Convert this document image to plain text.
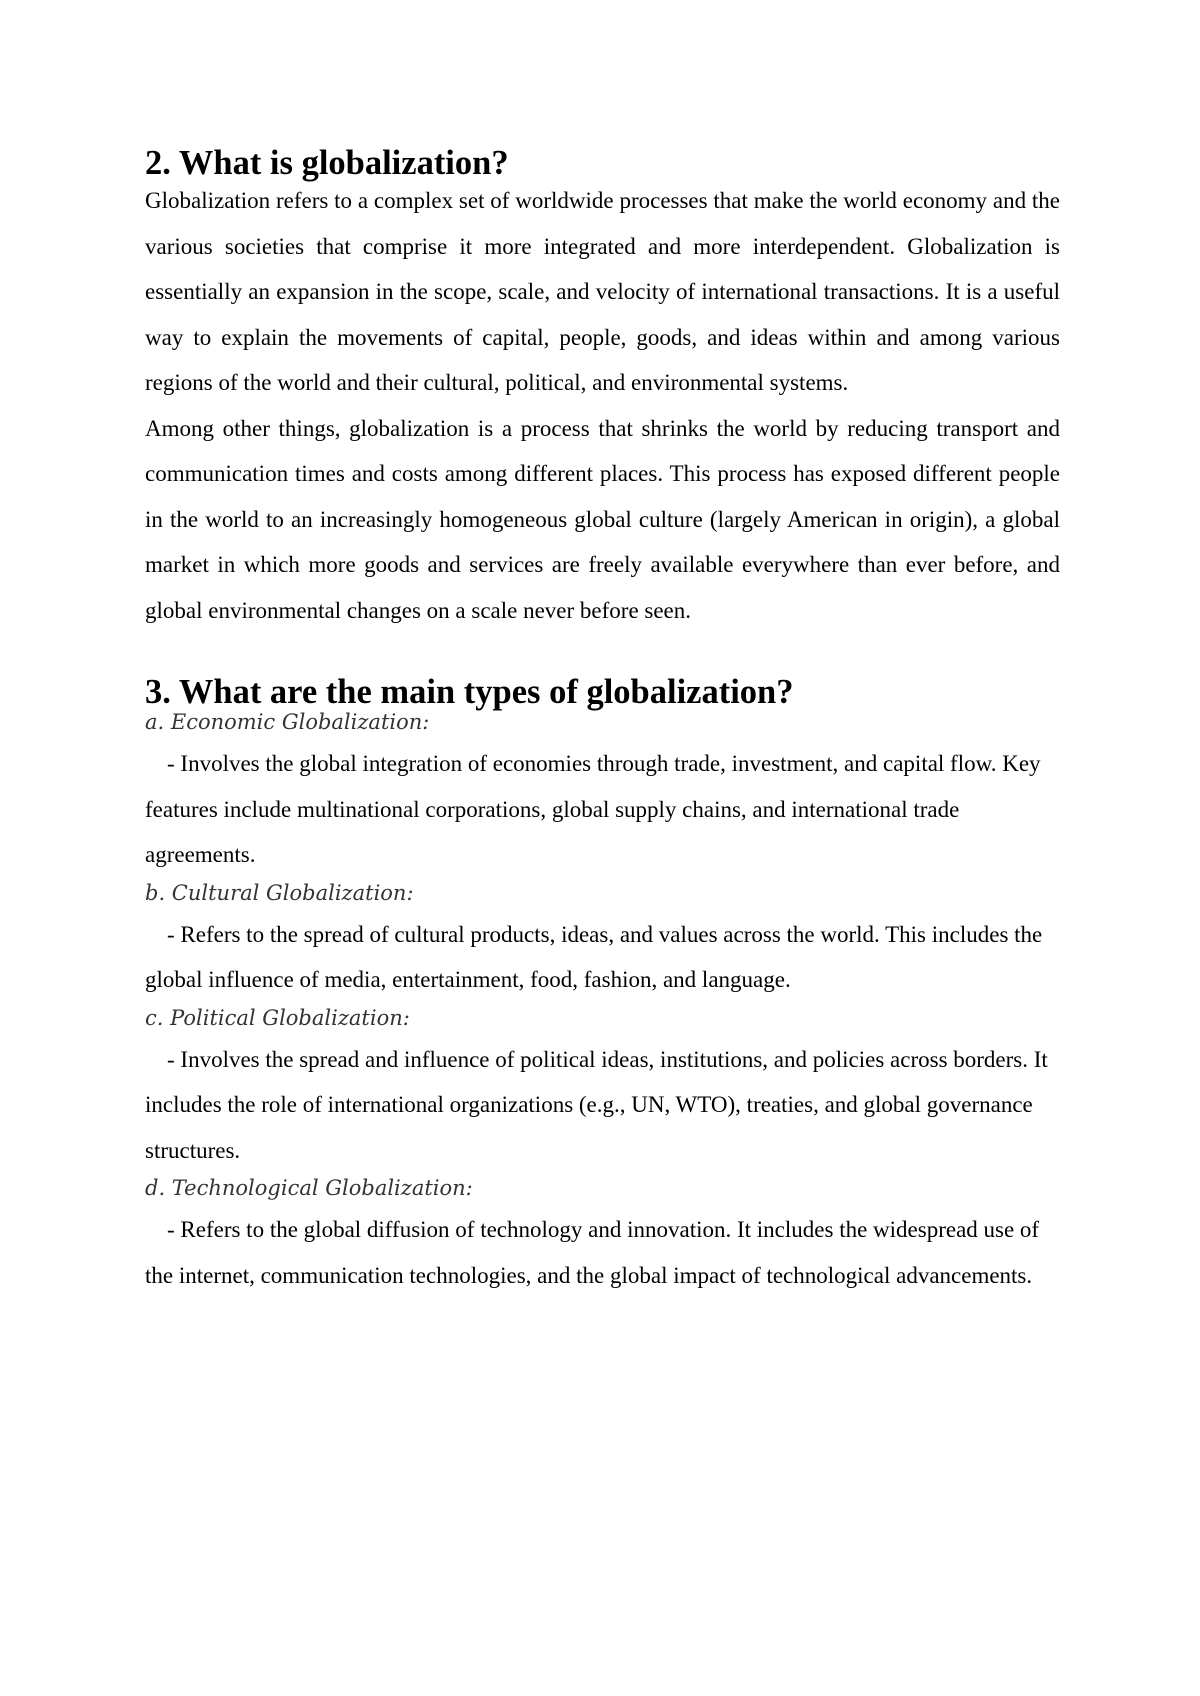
2. What is globalization?

Globalization refers to a complex set of worldwide processes that make the world economy and the various societies that comprise it more integrated and more interdependent. Globalization is essentially an expansion in the scope, scale, and velocity of international transactions. It is a useful way to explain the movements of capital, people, goods, and ideas within and among various regions of the world and their cultural, political, and environmental systems.

Among other things, globalization is a process that shrinks the world by reducing transport and communication times and costs among different places. This process has exposed different people in the world to an increasingly homogeneous global culture (largely American in origin), a global market in which more goods and services are freely available everywhere than ever before, and global environmental changes on a scale never before seen.

3. What are the main types of globalization?

a. Economic Globalization:

- Involves the global integration of economies through trade, investment, and capital flow. Key features include multinational corporations, global supply chains, and international trade agreements.

b. Cultural Globalization:

- Refers to the spread of cultural products, ideas, and values across the world. This includes the global influence of media, entertainment, food, fashion, and language.

c. Political Globalization:

- Involves the spread and influence of political ideas, institutions, and policies across borders. It includes the role of international organizations (e.g., UN, WTO), treaties, and global governance structures.

d. Technological Globalization:

- Refers to the global diffusion of technology and innovation. It includes the widespread use of the internet, communication technologies, and the global impact of technological advancements.
